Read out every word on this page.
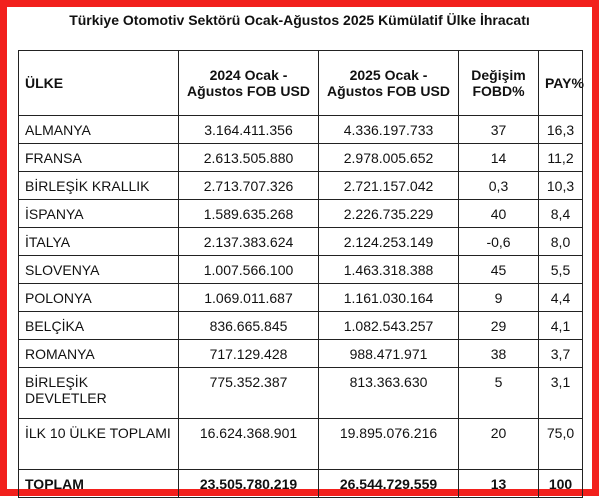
Türkiye Otomotiv Sektörü Ocak-Ağustos 2025 Kümülatif Ülke İhracatı
ÜLKE	2024 Ocak - Ağustos FOB USD	2025 Ocak - Ağustos FOB USD	Değişim FOBD%	PAY%
ALMANYA	3.164.411.356	4.336.197.733	37	16,3
FRANSA	2.613.505.880	2.978.005.652	14	11,2
BİRLEŞİK KRALLIK	2.713.707.326	2.721.157.042	0,3	10,3
İSPANYA	1.589.635.268	2.226.735.229	40	8,4
İTALYA	2.137.383.624	2.124.253.149	-0,6	8,0
SLOVENYA	1.007.566.100	1.463.318.388	45	5,5
POLONYA	1.069.011.687	1.161.030.164	9	4,4
BELÇİKA	836.665.845	1.082.543.257	29	4,1
ROMANYA	717.129.428	988.471.971	38	3,7
BİRLEŞİK DEVLETLER	775.352.387	813.363.630	5	3,1
İLK 10 ÜLKE TOPLAMI	16.624.368.901	19.895.076.216	20	75,0
TOPLAM	23.505.780.219	26.544.729.559	13	100
